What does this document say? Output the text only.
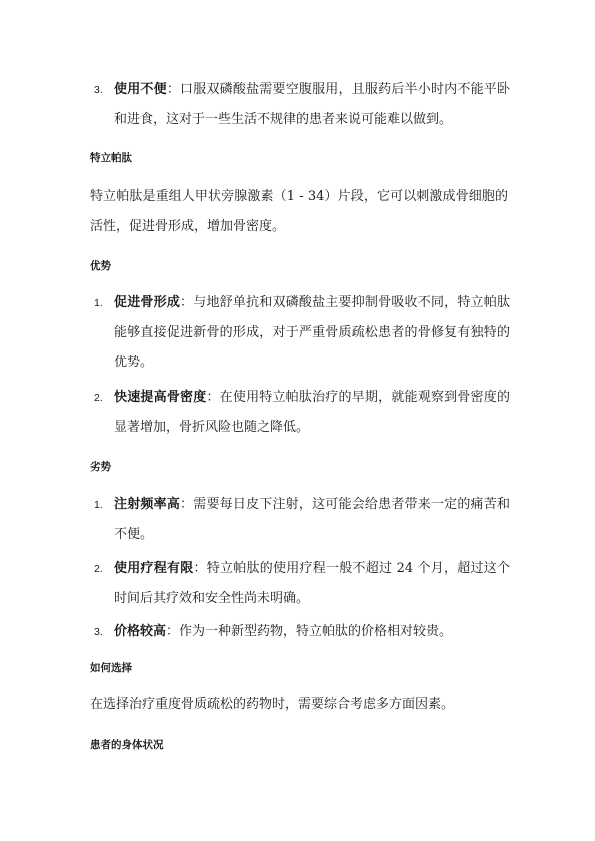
3. 使用不便：口服双磷酸盐需要空腹服用，且服药后半小时内不能平卧和进食，这对于一些生活不规律的患者来说可能难以做到。
特立帕肽
特立帕肽是重组人甲状旁腺激素（1 - 34）片段，它可以刺激成骨细胞的活性，促进骨形成，增加骨密度。
优势
1. 促进骨形成：与地舒单抗和双磷酸盐主要抑制骨吸收不同，特立帕肽能够直接促进新骨的形成，对于严重骨质疏松患者的骨修复有独特的优势。
2. 快速提高骨密度：在使用特立帕肽治疗的早期，就能观察到骨密度的显著增加，骨折风险也随之降低。
劣势
1. 注射频率高：需要每日皮下注射，这可能会给患者带来一定的痛苦和不便。
2. 使用疗程有限：特立帕肽的使用疗程一般不超过 24 个月，超过这个时间后其疗效和安全性尚未明确。
3. 价格较高：作为一种新型药物，特立帕肽的价格相对较贵。
如何选择
在选择治疗重度骨质疏松的药物时，需要综合考虑多方面因素。
患者的身体状况
